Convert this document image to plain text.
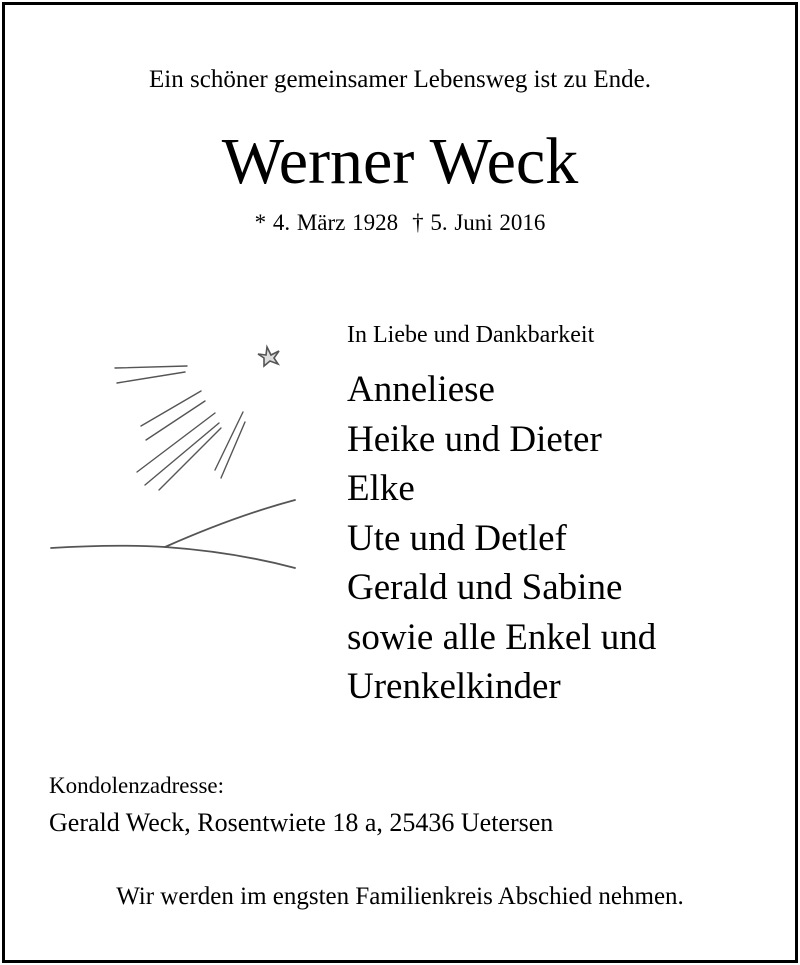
Ein schöner gemeinsamer Lebensweg ist zu Ende.
Werner Weck
* 4. März 1928 † 5. Juni 2016
In Liebe und Dankbarkeit
Anneliese
Heike und Dieter
Elke
Ute und Detlef
Gerald und Sabine
sowie alle Enkel und
Urenkelkinder
Kondolenzadresse:
Gerald Weck, Rosentwiete 18 a, 25436 Uetersen
Wir werden im engsten Familienkreis Abschied nehmen.
